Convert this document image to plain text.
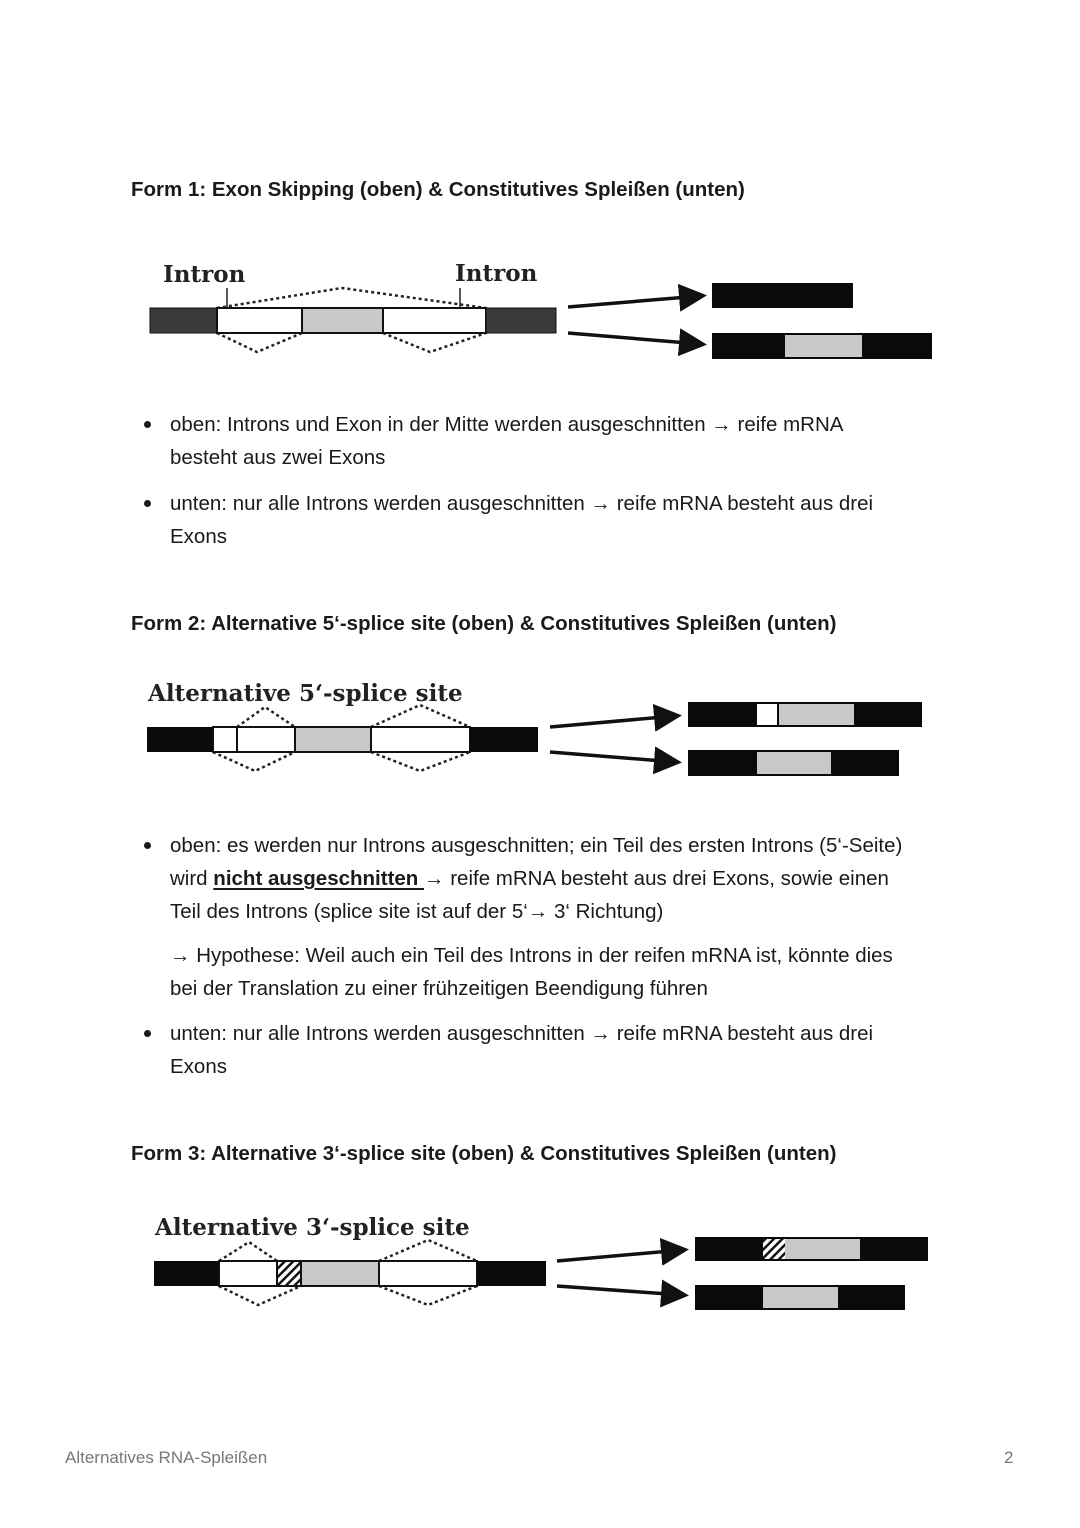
Intron	Intron
Alternative 5‘-splice site
Alternative 3‘-splice site
Form 1: Exon Skipping (oben) & Constitutives Spleißen (unten)
oben: Introns und Exon in der Mitte werden ausgeschnitten → reife mRNA
besteht aus zwei Exons
unten: nur alle Introns werden ausgeschnitten → reife mRNA besteht aus drei
Exons
Form 2: Alternative 5‘-splice site (oben) & Constitutives Spleißen (unten)
oben: es werden nur Introns ausgeschnitten; ein Teil des ersten Introns (5‘-Seite)
wird nicht ausgeschnitten → reife mRNA besteht aus drei Exons, sowie einen
Teil des Introns (splice site ist auf der 5‘→ 3‘ Richtung)
→ Hypothese: Weil auch ein Teil des Introns in der reifen mRNA ist, könnte dies
bei der Translation zu einer frühzeitigen Beendigung führen
unten: nur alle Introns werden ausgeschnitten → reife mRNA besteht aus drei
Exons
Form 3: Alternative 3‘-splice site (oben) & Constitutives Spleißen (unten)
Alternatives RNA-Spleißen	2
